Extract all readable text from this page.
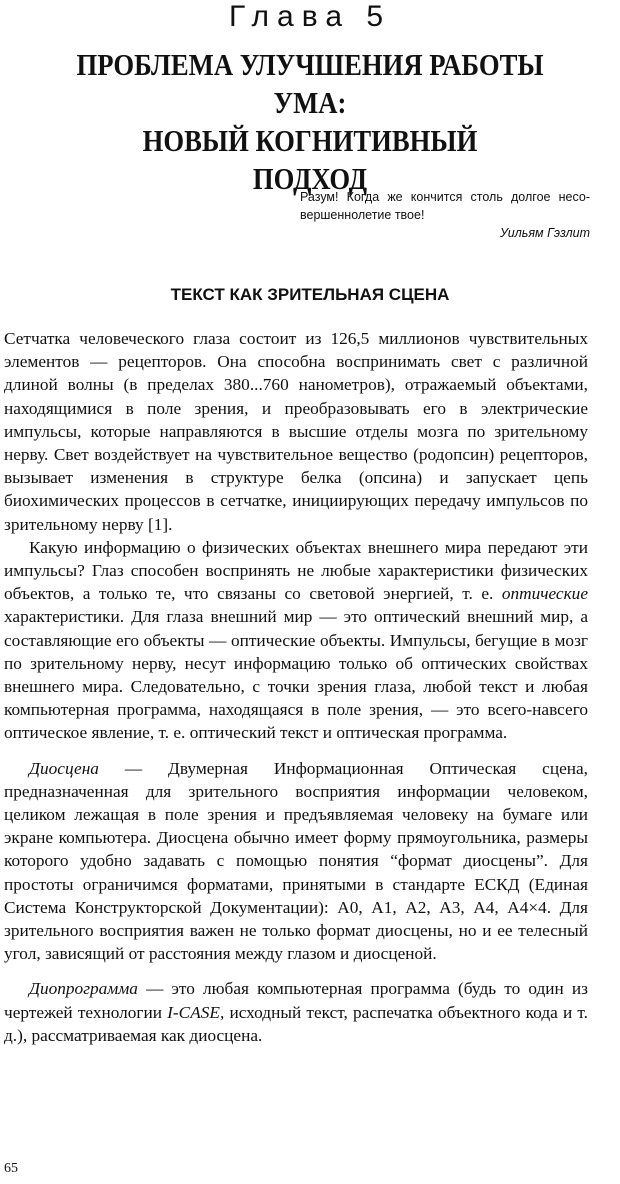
Глава 5
ПРОБЛЕМА УЛУЧШЕНИЯ РАБОТЫ УМА:
НОВЫЙ КОГНИТИВНЫЙ
ПОДХОД
Разум! Когда же кончится столь долгое несо-
вершеннолетие твое!
Уильям Гэзлит
ТЕКСТ КАК ЗРИТЕЛЬНАЯ СЦЕНА

Сетчатка человеческого глаза состоит из 126,5 миллионов чувствительных элементов — рецепторов. Она способна воспринимать свет с различной длиной волны (в пределах 380...760 нанометров), отражаемый объектами, находящимися в поле зрения, и преобразовывать его в электрические импульсы, которые направляются в высшие отделы мозга по зрительному нерву. Свет воздействует на чувствительное вещество (родопсин) рецепторов, вызывает изменения в структуре белка (опсина) и запускает цепь биохимических процессов в сетчатке, инициирующих передачу импульсов по зрительному нерву [1].

Какую информацию о физических объектах внешнего мира передают эти импульсы? Глаз способен воспринять не любые характеристики физических объектов, а только те, что связаны со световой энергией, т. е. оптические характеристики. Для глаза внешний мир — это оптический внешний мир, а составляющие его объекты — оптические объекты. Импульсы, бегущие в мозг по зрительному нерву, несут информацию только об оптических свойствах внешнего мира. Следовательно, с точки зрения глаза, любой текст и любая компьютерная программа, находящаяся в поле зрения, — это всего-навсего оптическое явление, т. е. оптический текст и оптическая программа.

Диосцена — Двумерная Информационная Оптическая сцена, предназначенная для зрительного восприятия информации человеком, целиком лежащая в поле зрения и предъявляемая человеку на бумаге или экране компьютера. Диосцена обычно имеет форму прямоугольника, размеры которого удобно задавать с помощью понятия “формат диосцены”. Для простоты ограничимся форматами, принятыми в стандарте ЕСКД (Единая Система Конструкторской Документации): А0, А1, А2, А3, А4, А4×4. Для зрительного восприятия важен не только формат диосцены, но и ее телесный угол, зависящий от расстояния между глазом и диосценой.

Диопрограмма — это любая компьютерная программа (будь то один из чертежей технологии I-CASE, исходный текст, распечатка объектного кода и т. д.), рассматриваемая как диосцена.

65
